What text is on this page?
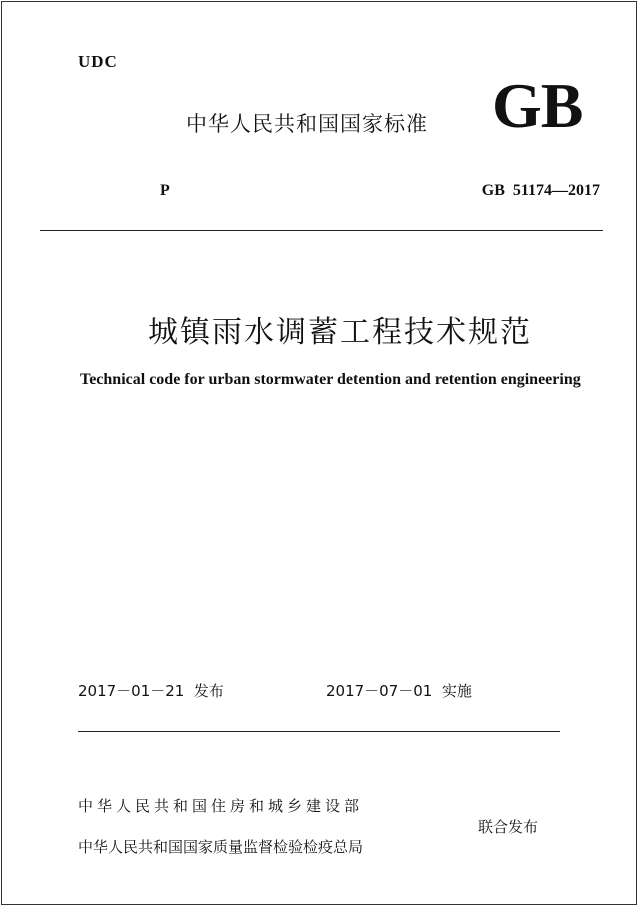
UDC
中华人民共和国国家标准 GB
P	GB  51174—2017
城镇雨水调蓄工程技术规范
Technical code for urban stormwater detention and retention engineering
2017－01－21  发布	2017－07－01  实施
中华人民共和国住房和城乡建设部
中华人民共和国国家质量监督检验检疫总局
联合发布
